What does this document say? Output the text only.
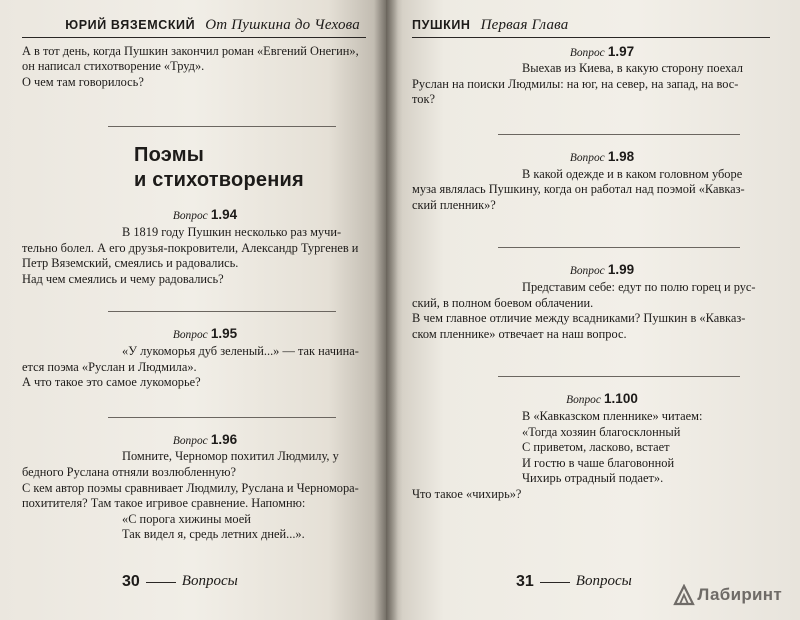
ЮРИЙ ВЯЗЕМСКИЙ От Пушкина до Чехова

А в тот день, когда Пушкин закончил роман «Евгений Онегин»,

он написал стихотворение «Труд».

О чем там говорилось?

Поэмы
и стихотворения
Вопрос 1.94

В 1819 году Пушкин несколько раз мучи-

тельно болел. А его друзья-покровители, Александр Тургенев и

Петр Вяземский, смеялись и радовались.

Над чем смеялись и чему радовались?

Вопрос 1.95

«У лукоморья дуб зеленый...» — так начина-

ется поэма «Руслан и Людмила».

А что такое это самое лукоморье?

Вопрос 1.96

Помните, Черномор похитил Людмилу, у

бедного Руслана отняли возлюбленную?

С кем автор поэмы сравнивает Людмилу, Руслана и Черномора-

похитителя? Там такое игривое сравнение. Напомню:

«С порога хижины моей

Так видел я, средь летних дней...».

30	Вопросы
ПУШКИН Первая Глава
Вопрос 1.97

Выехав из Киева, в какую сторону поехал

Руслан на поиски Людмилы: на юг, на север, на запад, на вос-

ток?

Вопрос 1.98

В какой одежде и в каком головном уборе

муза являлась Пушкину, когда он работал над поэмой «Кавказ-

ский пленник»?

Вопрос 1.99

Представим себе: едут по полю горец и рус-

ский, в полном боевом облачении.

В чем главное отличие между всадниками? Пушкин в «Кавказ-

ском пленнике» отвечает на наш вопрос.

Вопрос 1.100

В «Кавказском пленнике» читаем:

«Тогда хозяин благосклонный

С приветом, ласково, встает

И гостю в чаше благовонной

Чихирь отрадный подает».

Что такое «чихирь»?

31	Вопросы
Лабиринт
